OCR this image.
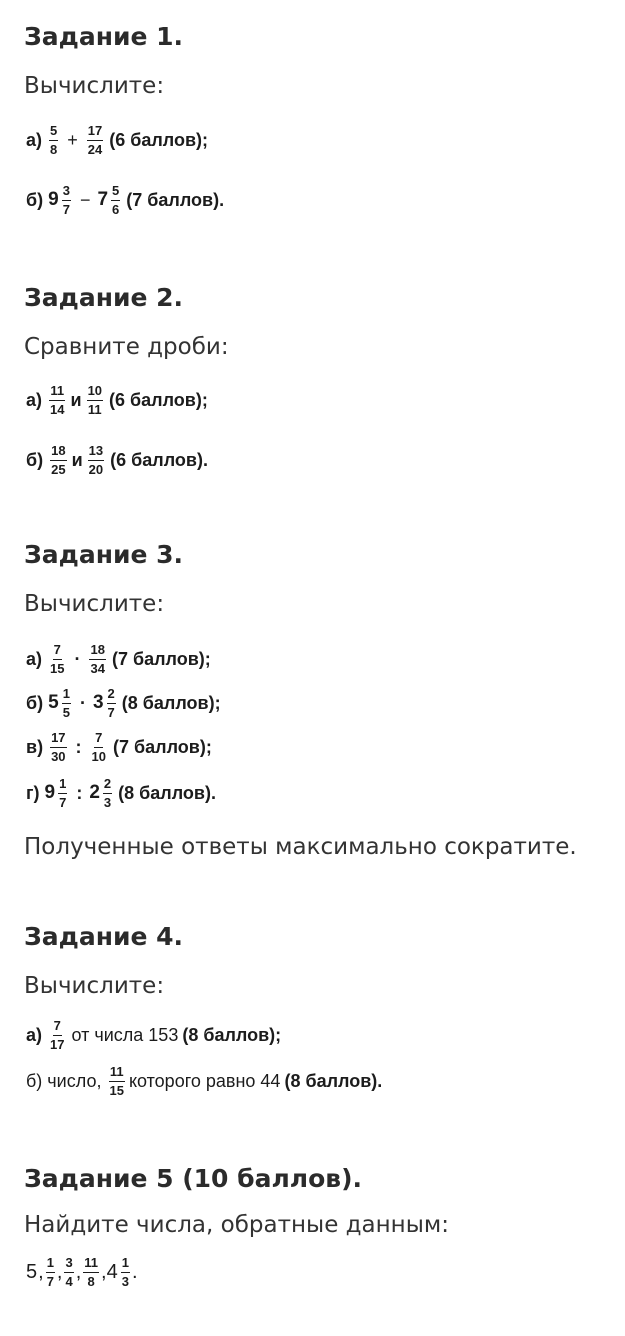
Задание 1.
Вычислите:
$а) \frac{5}{8} + \frac{17}{24} (6$ баллов);
б) $9 \frac{3}{7} - 7 \frac{5}{6} (7$ баллов).
Задание 2.
Сравните дроби:
$а) \frac{11}{14}$ и $\frac{10}{11} (6$ баллов);
$б) \frac{18}{25}$ и $\frac{13}{20} (6$ баллов).
Задание 3.
Вычислите:
$а) \frac{7}{15} \cdot \frac{18}{34} (7$ баллов);
б) $5 \frac{1}{5} \cdot 3 \frac{2}{7} (8$ баллов);
$в) \frac{17}{30}$ : $\frac{7}{10} (7$ баллов);
г) $9 \frac{1}{7}$ : $2 \frac{2}{3} (8$ баллов).
Полученные ответы максимально сократите.
Задание 4.
Вычислите:
$а) \frac{7}{17}$ от числа 153 (8 баллов);
б) число, $\frac{11}{15}$ которого равно 44 (8 баллов).
Задание 5 (10 баллов).
Найдите числа, обратные данным:
5 , $\frac{1}{7}$ , $\frac{3}{4}$ , $\frac{11}{8}$ , $4 \frac{1}{3}$ .
